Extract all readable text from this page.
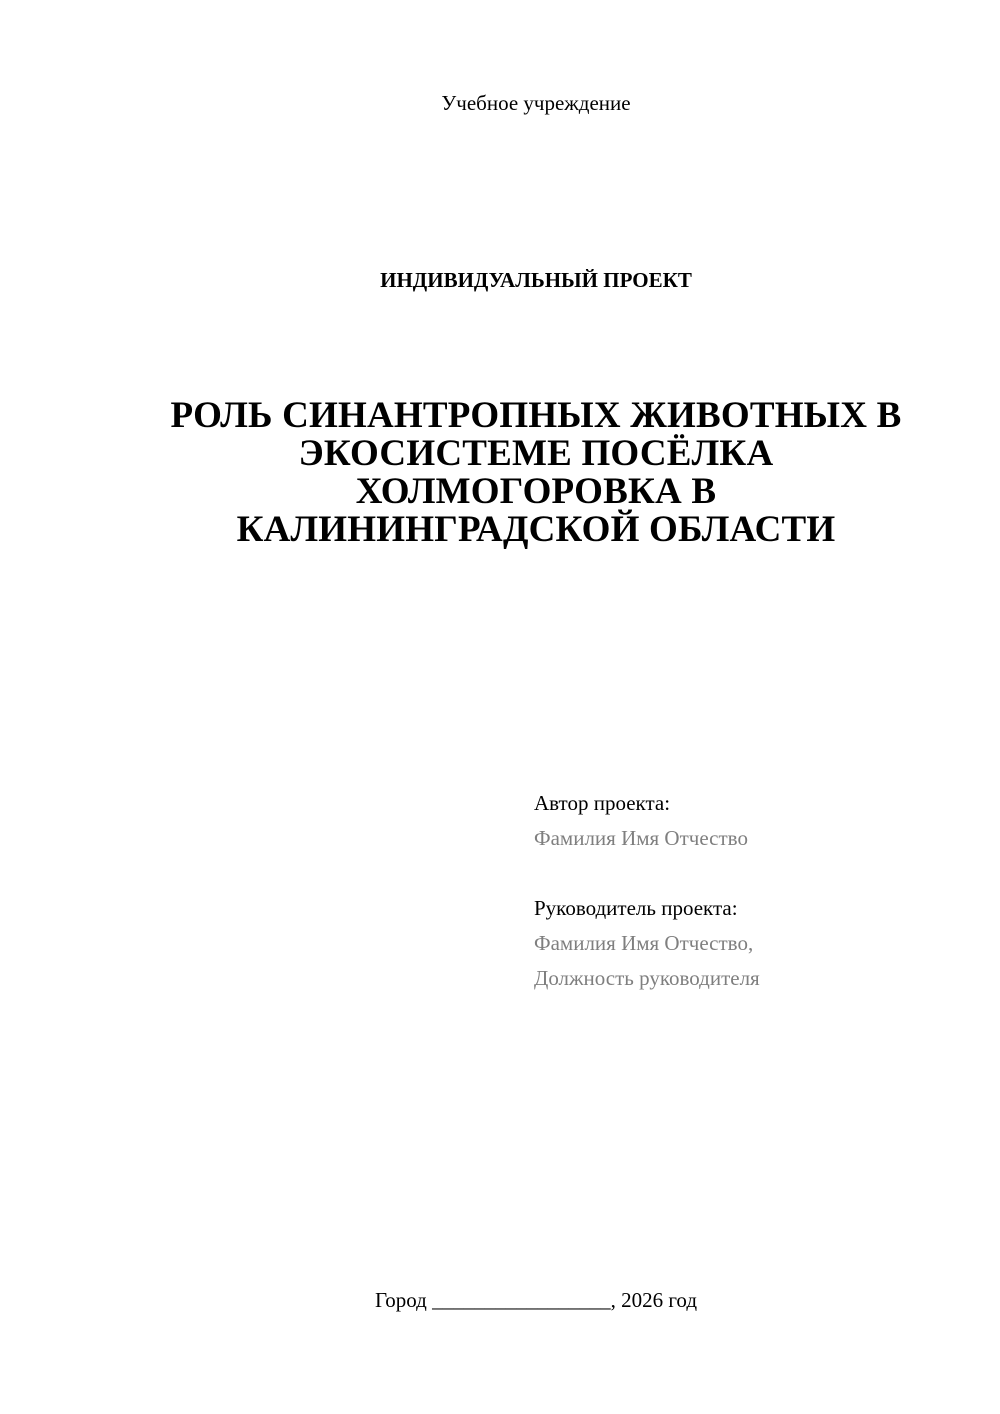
Учебное учреждение
ИНДИВИДУАЛЬНЫЙ ПРОЕКТ
РОЛЬ СИНАНТРОПНЫХ ЖИВОТНЫХ В
ЭКОСИСТЕМЕ ПОСЁЛКА
ХОЛМОГОРОВКА В
КАЛИНИНГРАДСКОЙ ОБЛАСТИ
Автор проекта:
Фамилия Имя Отчество
Руководитель проекта:
Фамилия Имя Отчество,
Должность руководителя
Город _________________, 2026 год
